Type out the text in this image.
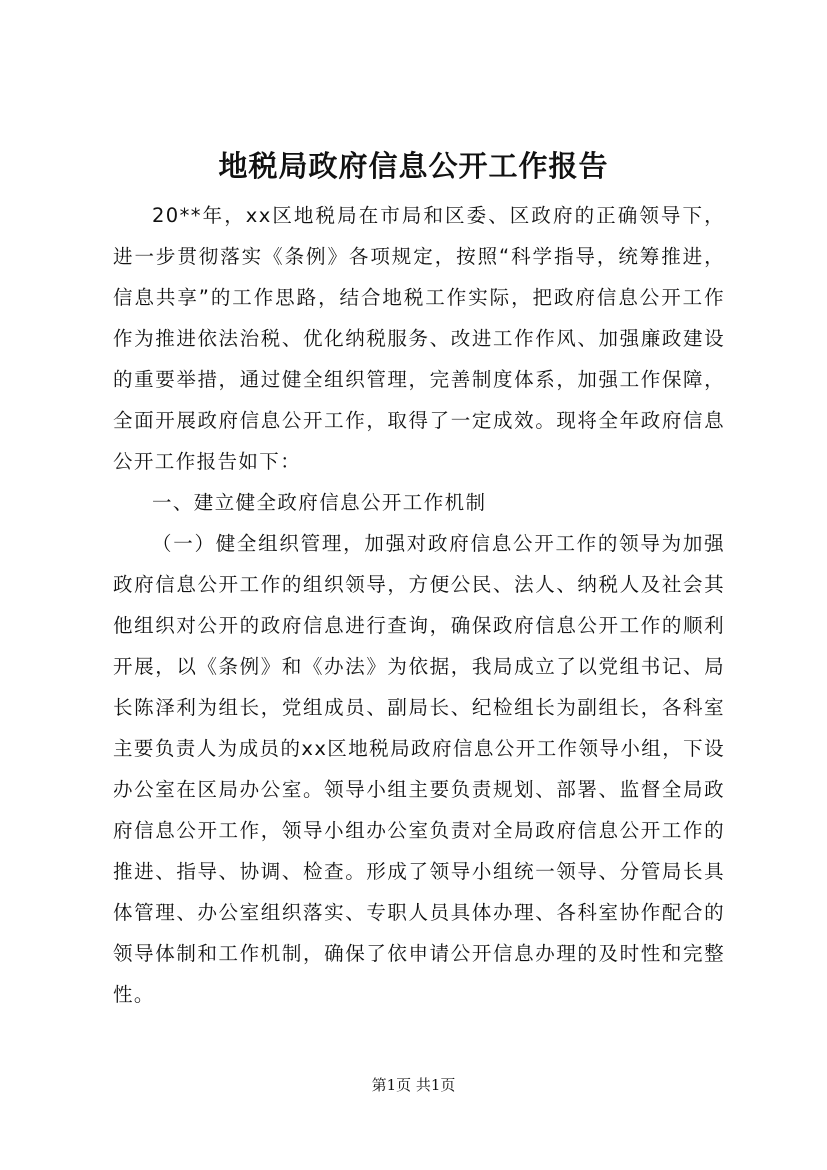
地税局政府信息公开工作报告

20**年，xx区地税局在市局和区委、区政府的正确领导下，进一步贯彻落实《条例》各项规定，按照“科学指导，统筹推进，信息共享”的工作思路，结合地税工作实际，把政府信息公开工作作为推进依法治税、优化纳税服务、改进工作作风、加强廉政建设的重要举措，通过健全组织管理，完善制度体系，加强工作保障，全面开展政府信息公开工作，取得了一定成效。现将全年政府信息公开工作报告如下：

一、建立健全政府信息公开工作机制

（一）健全组织管理，加强对政府信息公开工作的领导为加强政府信息公开工作的组织领导，方便公民、法人、纳税人及社会其他组织对公开的政府信息进行查询，确保政府信息公开工作的顺利开展，以《条例》和《办法》为依据，我局成立了以党组书记、局长陈泽利为组长，党组成员、副局长、纪检组长为副组长，各科室主要负责人为成员的xx区地税局政府信息公开工作领导小组，下设办公室在区局办公室。领导小组主要负责规划、部署、监督全局政府信息公开工作，领导小组办公室负责对全局政府信息公开工作的推进、指导、协调、检查。形成了领导小组统一领导、分管局长具体管理、办公室组织落实、专职人员具体办理、各科室协作配合的领导体制和工作机制，确保了依申请公开信息办理的及时性和完整性。

第1页 共1页
